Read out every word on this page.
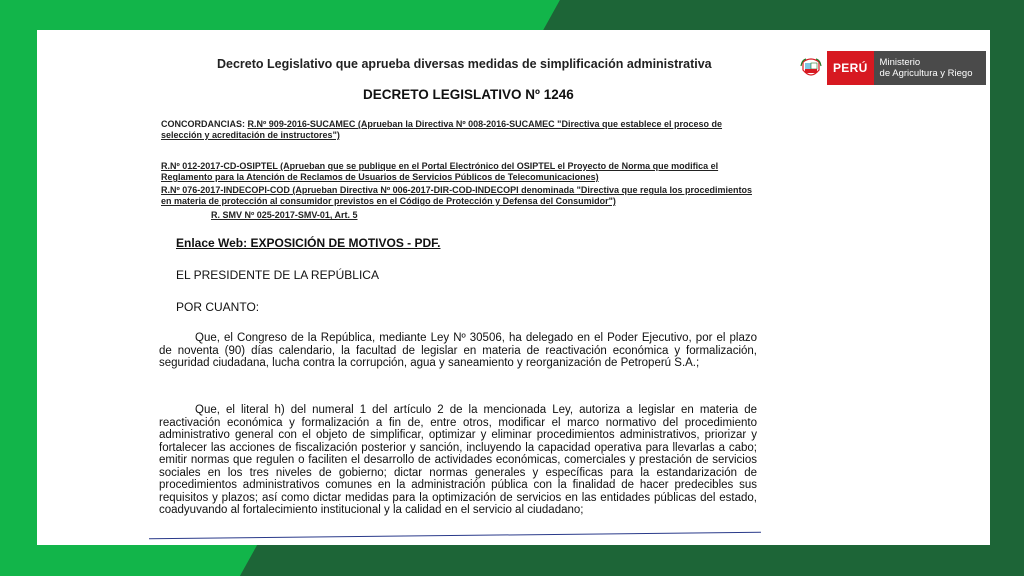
PERÚ	Ministerio
de Agricultura y Riego
Decreto Legislativo que aprueba diversas medidas de simplificación administrativa
DECRETO LEGISLATIVO Nº 1246
CONCORDANCIAS: R.Nº 909-2016-SUCAMEC (Aprueban la Directiva Nº 008-2016-SUCAMEC "Directiva que establece el proceso de selección y acreditación de instructores")
R.Nº 012-2017-CD-OSIPTEL (Aprueban que se publique en el Portal Electrónico del OSIPTEL el Proyecto de Norma que modifica el Reglamento para la Atención de Reclamos de Usuarios de Servicios Públicos de Telecomunicaciones)
R.Nº 076-2017-INDECOPI-COD (Aprueban Directiva Nº 006-2017-DIR-COD-INDECOPI denominada "Directiva que regula los procedimientos en materia de protección al consumidor previstos en el Código de Protección y Defensa del Consumidor")
R. SMV Nº 025-2017-SMV-01, Art. 5
Enlace Web: EXPOSICIÓN DE MOTIVOS - PDF.
EL PRESIDENTE DE LA REPÚBLICA
POR CUANTO:
Que, el Congreso de la República, mediante Ley Nº 30506, ha delegado en el Poder Ejecutivo, por el plazo de noventa (90) días calendario, la facultad de legislar en materia de reactivación económica y formalización, seguridad ciudadana, lucha contra la corrupción, agua y saneamiento y reorganización de Petroperú S.A.;
Que, el literal h) del numeral 1 del artículo 2 de la mencionada Ley, autoriza a legislar en materia de reactivación económica y formalización a fin de, entre otros, modificar el marco normativo del procedimiento administrativo general con el objeto de simplificar, optimizar y eliminar procedimientos administrativos, priorizar y fortalecer las acciones de fiscalización posterior y sanción, incluyendo la capacidad operativa para llevarlas a cabo; emitir normas que regulen o faciliten el desarrollo de actividades económicas, comerciales y prestación de servicios sociales en los tres niveles de gobierno; dictar normas generales y específicas para la estandarización de procedimientos administrativos comunes en la administración pública con la finalidad de hacer predecibles sus requisitos y plazos; así como dictar medidas para la optimización de servicios en las entidades públicas del estado, coadyuvando al fortalecimiento institucional y la calidad en el servicio al ciudadano;
